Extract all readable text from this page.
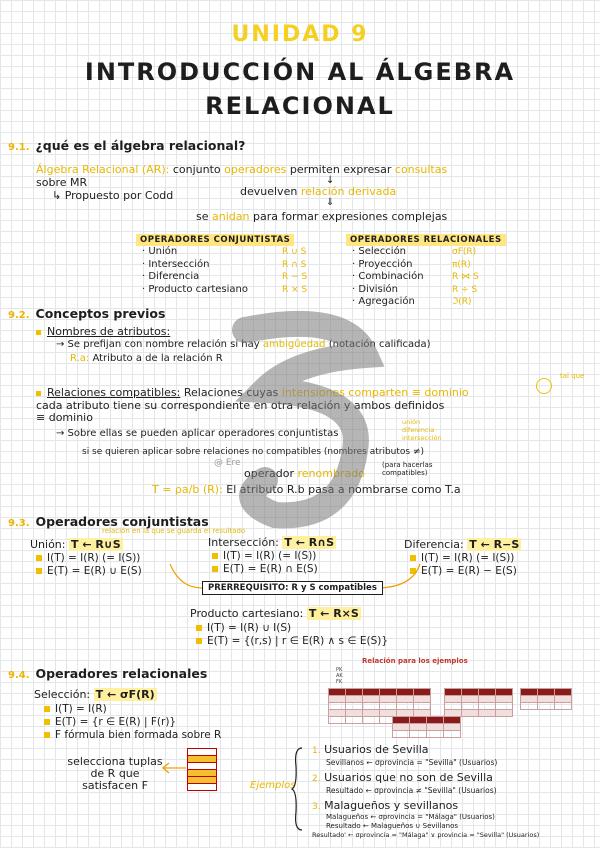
UNIDAD 9
INTRODUCCIÓN AL ÁLGEBRA
RELACIONAL
9.1. ¿qué es el álgebra relacional?
Álgebra Relacional (AR): conjunto operadores permiten expresar consultas
sobre MR	↓
↳ Propuesto por Codd	devuelven relación derivada
⇓
se anidan para formar expresiones complejas
OPERADORES CONJUNTISTAS
· Unión	R ∪ S
· Intersección	R ∩ S
· Diferencia	R − S
· Producto cartesiano	R × S
OPERADORES RELACIONALES
· Selección	σF(R)
· Proyección	π(R)
· Combinación	R ⋈ S
· División	R ÷ S
· Agregación	ℑ(R)
9.2. Conceptos previos
Nombres de atributos:
→ Se prefijan con nombre relación si hay ambigüedad (notación calificada)
R.a: Atributo a de la relación R
Relaciones compatibles: Relaciones cuyas intensiones comparten ≡ dominio
tal que
cada atributo tiene su correspondiente en otra relación y ambos definidos
≡ dominio
→ Sobre ellas se pueden aplicar operadores conjuntistas
unión
diferencia
intersección
si se quieren aplicar sobre relaciones no compatibles (nombres atributos ≠)
operador renombrado
(para hacerlas compatibles)
T = ρa/b (R): El atributo R.b pasa a nombrarse como T.a
@ Ere
9.3. Operadores conjuntistas
relación en la que se guarda el resultado
Unión: T ← R∪S
I(T) = I(R) (= I(S))
E(T) = E(R) ∪ E(S)
Intersección: T ← R∩S
I(T) = I(R) (= I(S))
E(T) = E(R) ∩ E(S)
Diferencia: T ← R−S
I(T) = I(R) (= I(S))
E(T) = E(R) − E(S)
PRERREQUISITO: R y S compatibles
Producto cartesiano: T ← R×S
I(T) = I(R) ∪ I(S)
E(T) = {(r,s) | r ∈ E(R) ∧ s ∈ E(S)}
9.4. Operadores relacionales
Selección: T ← σF(R)
I(T) = I(R)
E(T) = {r ∈ E(R) | F(r)}
F fórmula bien formada sobre R
selecciona tuplas
de R que
satisfacen F
Relación para los ejemplos
PK
AK
FK

Ejemplos
1. Usuarios de Sevilla
Sevillanos ← σprovincia = "Sevilla" (Usuarios)
2. Usuarios que no son de Sevilla
Resultado ← σprovincia ≠ "Sevilla" (Usuarios)
3. Malagueños y sevillanos
Malagueños ← σprovincia = "Málaga" (Usuarios)
Resultado ← Malagueños ∪ Sevillanos
Resultado' ← σprovincia = "Málaga" ∨ provincia = "Sevilla" (Usuarios)
